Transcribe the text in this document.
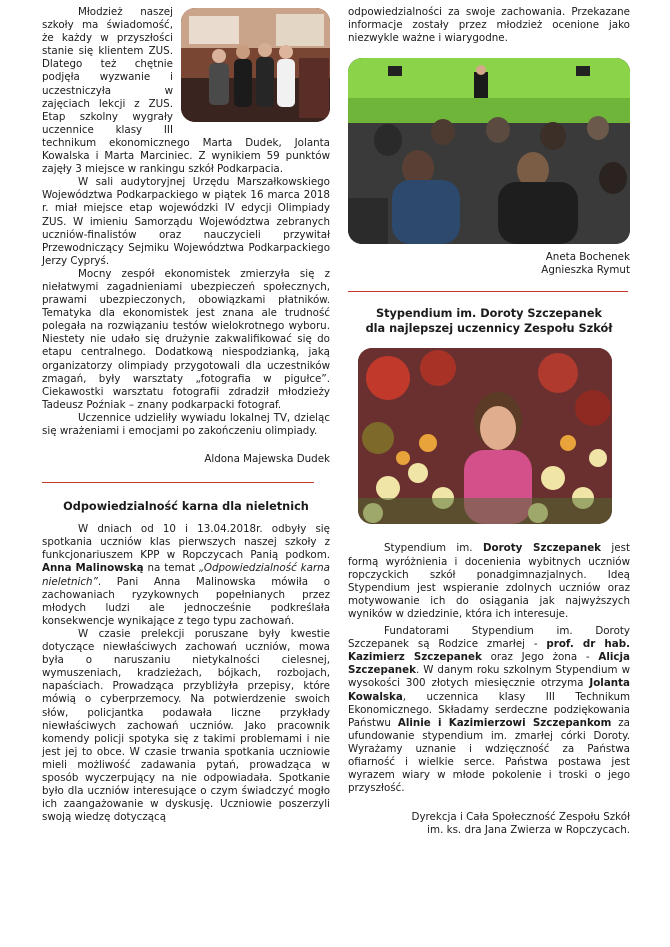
Młodzież naszej szkoły ma świadomość, że każdy w przyszłości stanie się klientem ZUS. Dlatego też chętnie podjęła wyzwanie i uczestniczyła w zajęciach lekcji z ZUS. Etap szkolny wygrały uczennice klasy III technikum ekonomicznego Marta Dudek, Jolanta Kowalska i Marta Marciniec. Z wynikiem 59 punktów zajęły 3 miejsce w rankingu szkół Podkarpacia.

W sali audytoryjnej Urzędu Marszałkowskiego Województwa Podkarpackiego w piątek 16 marca 2018 r. miał miejsce etap wojewódzki IV edycji Olimpiady ZUS. W imieniu Samorządu Województwa zebranych uczniów-finalistów oraz nauczycieli przywitał Przewodniczący Sejmiku Województwa Podkarpackiego Jerzy Cypryś.

Mocny zespół ekonomistek zmierzyła się z niełatwymi zagadnieniami ubezpieczeń społecznych, prawami ubezpieczonych, obowiązkami płatników. Tematyka dla ekonomistek jest znana ale trudność polegała na rozwiązaniu testów wielokrotnego wyboru. Niestety nie udało się drużynie zakwalifikować się do etapu centralnego. Dodatkową niespodzianką, jaką organizatorzy olimpiady przygotowali dla uczestników zmagań, były warsztaty „fotografia w pigułce”. Ciekawostki warsztatu fotografii zdradził młodzieży Tadeusz Poźniak – znany podkarpacki fotograf.

Uczennice udzieliły wywiadu lokalnej TV, dzieląc się wrażeniami i emocjami po zakończeniu olimpiady.

Aldona Majewska Dudek

Odpowiedzialność karna dla nieletnich

W dniach od 10 i 13.04.2018r. odbyły się spotkania uczniów klas pierwszych naszej szkoły z funkcjonariuszem KPP w Ropczycach Panią podkom. Anna Malinowską na temat „Odpowiedzialność karna nieletnich”. Pani Anna Malinowska mówiła o zachowaniach ryzykownych popełnianych przez młodych ludzi ale jednocześnie podkreślała konsekwencje wynikające z tego typu zachowań.

W czasie prelekcji poruszane były kwestie dotyczące niewłaściwych zachowań uczniów, mowa była o naruszaniu nietykalności cielesnej, wymuszeniach, kradzieżach, bójkach, rozbojach, napaściach. Prowadząca przybliżyła przepisy, które mówią o cyberprzemocy. Na potwierdzenie swoich słów, policjantka podawała liczne przykłady niewłaściwych zachowań uczniów. Jako pracownik komendy policji spotyka się z takimi problemami i nie jest jej to obce. W czasie trwania spotkania uczniowie mieli możliwość zadawania pytań, prowadząca w sposób wyczerpujący na nie odpowiadała. Spotkanie było dla uczniów interesujące o czym świadczyć mogło ich zaangażowanie w dyskusję. Uczniowie poszerzyli swoją wiedzę dotyczącą

odpowiedzialności za swoje zachowania. Przekazane informacje zostały przez młodzież ocenione jako niezwykle ważne i wiarygodne.

Aneta Bochenek

Agnieszka Rymut

Stypendium im. Doroty Szczepanek
dla najlepszej uczennicy Zespołu Szkół

Stypendium im. Doroty Szczepanek jest formą wyróżnienia i docenienia wybitnych uczniów ropczyckich szkół ponadgimnazjalnych. Ideą Stypendium jest wspieranie zdolnych uczniów oraz motywowanie ich do osiągania jak najwyższych wyników w dziedzinie, która ich interesuje.

Fundatorami Stypendium im. Doroty Szczepanek są Rodzice zmarłej - prof. dr hab. Kazimierz Szczepanek oraz Jego żona - Alicja Szczepanek. W danym roku szkolnym Stypendium w wysokości 300 złotych miesięcznie otrzyma Jolanta Kowalska, uczennica klasy III Technikum Ekonomicznego. Składamy serdeczne podziękowania Państwu Alinie i Kazimierzowi Szczepankom za ufundowanie stypendium im. zmarłej córki Doroty. Wyrażamy uznanie i wdzięczność za Państwa ofiarność i wielkie serce. Państwa postawa jest wyrazem wiary w młode pokolenie i troski o jego przyszłość.

Dyrekcja i Cała Społeczność Zespołu Szkół

im. ks. dra Jana Zwierza w Ropczycach.
